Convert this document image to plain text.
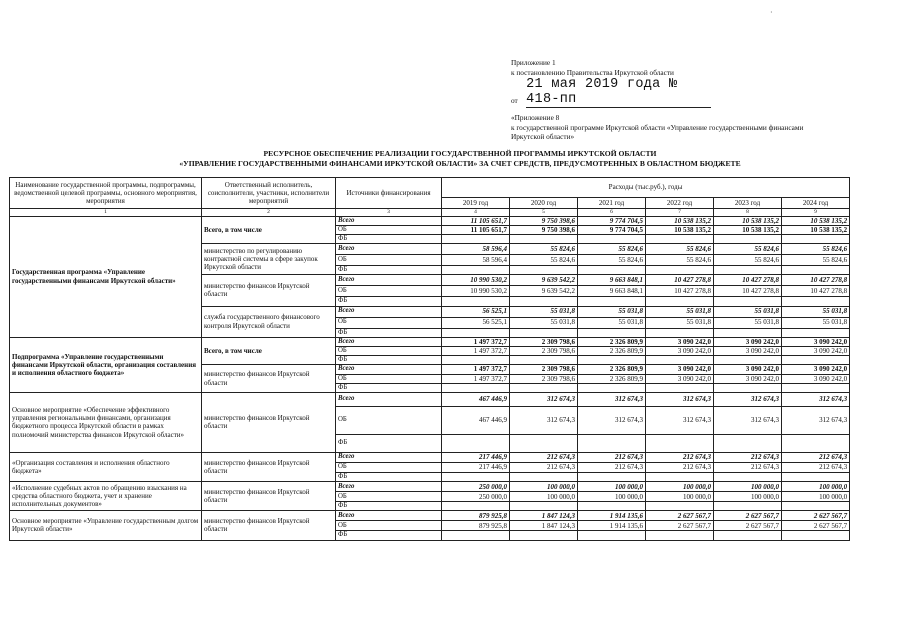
·
Приложение 1
к постановлению Правительства Иркутской области
от 21 мая 2019 года № 418-пп
«Приложение 8
к государственной программе Иркутской области «Управление государственными финансами
Иркутской области»
РЕСУРСНОЕ ОБЕСПЕЧЕНИЕ РЕАЛИЗАЦИИ ГОСУДАРСТВЕННОЙ ПРОГРАММЫ ИРКУТСКОЙ ОБЛАСТИ
«УПРАВЛЕНИЕ ГОСУДАРСТВЕННЫМИ ФИНАНСАМИ ИРКУТСКОЙ ОБЛАСТИ» ЗА СЧЕТ СРЕДСТВ, ПРЕДУСМОТРЕННЫХ В ОБЛАСТНОМ БЮДЖЕТЕ
Наименование государственной программы, подпрограммы, ведомственной целевой программы, основного мероприятия, мероприятия	Ответственный исполнитель, соисполнители, участники, исполнители мероприятий	Источники финансирования	Расходы (тыс.руб.), годы					
			2019 год	2020 год	2021 год	2022 год	2023 год	2024 год
1	2	3	4	5	6	7	8	9
Государственная программа «Управление государственными финансами Иркутской области»	Всего, в том числе	Всего	11 105 651,7	9 750 398,6	9 774 704,5	10 538 135,2	10 538 135,2	10 538 135,2
		ОБ	11 105 651,7	9 750 398,6	9 774 704,5	10 538 135,2	10 538 135,2	10 538 135,2
		ФБ						
	министерство по регулированию контрактной системы в сфере закупок Иркутской области	Всего	58 596,4	55 824,6	55 824,6	55 824,6	55 824,6	55 824,6
		ОБ	58 596,4	55 824,6	55 824,6	55 824,6	55 824,6	55 824,6
		ФБ						
	министерство финансов Иркутской области	Всего	10 990 530,2	9 639 542,2	9 663 848,1	10 427 278,8	10 427 278,8	10 427 278,8
		ОБ	10 990 530,2	9 639 542,2	9 663 848,1	10 427 278,8	10 427 278,8	10 427 278,8
		ФБ						
	служба государственного финансового контроля Иркутской области	Всего	56 525,1	55 031,8	55 031,8	55 031,8	55 031,8	55 031,8
		ОБ	56 525,1	55 031,8	55 031,8	55 031,8	55 031,8	55 031,8
		ФБ						
Подпрограмма «Управление государственными финансами Иркутской области, организация составления и исполнения областного бюджета»	Всего, в том числе	Всего	1 497 372,7	2 309 798,6	2 326 809,9	3 090 242,0	3 090 242,0	3 090 242,0
		ОБ	1 497 372,7	2 309 798,6	2 326 809,9	3 090 242,0	3 090 242,0	3 090 242,0
		ФБ						
	министерство финансов Иркутской области	Всего	1 497 372,7	2 309 798,6	2 326 809,9	3 090 242,0	3 090 242,0	3 090 242,0
		ОБ	1 497 372,7	2 309 798,6	2 326 809,9	3 090 242,0	3 090 242,0	3 090 242,0
		ФБ						
Основное мероприятие «Обеспечение эффективного управления региональными финансами, организация бюджетного процесса Иркутской области в рамках полномочий министерства финансов Иркутской области»	министерство финансов Иркутской области	Всего	467 446,9	312 674,3	312 674,3	312 674,3	312 674,3	312 674,3
		ОБ	467 446,9	312 674,3	312 674,3	312 674,3	312 674,3	312 674,3
		ФБ						
«Организация составления и исполнения областного бюджета»	министерство финансов Иркутской области	Всего	217 446,9	212 674,3	212 674,3	212 674,3	212 674,3	212 674,3
		ОБ	217 446,9	212 674,3	212 674,3	212 674,3	212 674,3	212 674,3
		ФБ						
«Исполнение судебных актов по обращению взыскания на средства областного бюджета, учет и хранение исполнительных документов»	министерство финансов Иркутской области	Всего	250 000,0	100 000,0	100 000,0	100 000,0	100 000,0	100 000,0
		ОБ	250 000,0	100 000,0	100 000,0	100 000,0	100 000,0	100 000,0
		ФБ						
Основное мероприятие «Управление государственным долгом Иркутской области»	министерство финансов Иркутской области	Всего	879 925,8	1 847 124,3	1 914 135,6	2 627 567,7	2 627 567,7	2 627 567,7
		ОБ	879 925,8	1 847 124,3	1 914 135,6	2 627 567,7	2 627 567,7	2 627 567,7
		ФБ						
